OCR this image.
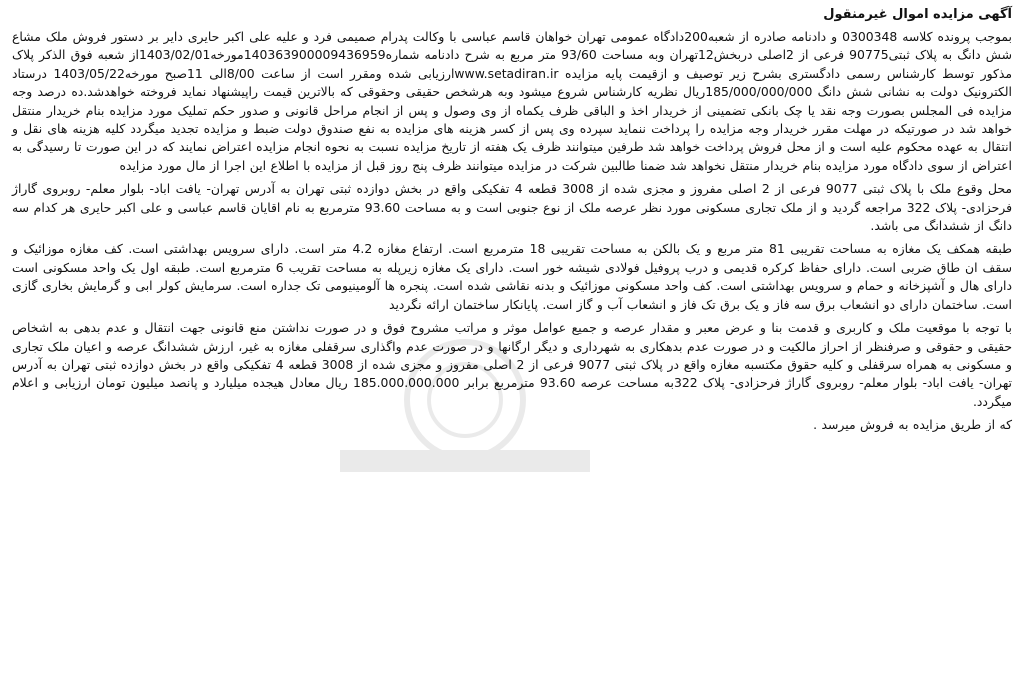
آگهی مزایده اموال غیرمنقول

بموجب پرونده کلاسه 0300348 و دادنامه صادره از شعبه200دادگاه عمومی تهران خواهان قاسم عباسی با وکالت پدرام صمیمی فرد و علیه علی اکبر حایری دایر بر دستور فروش ملک مشاع شش دانگ به پلاک ثبتی90775 فرعی از 2اصلی دربخش12تهران وبه مساحت 93/60 متر مربع به شرح دادنامه شماره140363900009436959مورخه1403/02/01از شعبه فوق الذکر پلاک مذکور توسط کارشناس رسمی دادگستری بشرح زیر توصیف و ازقیمت پایه مزایده www.setadiran.irارزیابی شده ومقرر است از ساعت 8/00الی 11صبح مورخه1403/05/22 درستاد الکترونیک دولت به نشانی شش دانگ 185/000/000/000ریال نظریه کارشناس شروع میشود وبه هرشخص حقیقی وحقوقی که بالاترین قیمت راپیشنهاد نماید فروخته خواهدشد.ده درصد وجه مزایده فی المجلس بصورت وجه نقد یا چک بانکی تضمینی از خریدار اخذ و الباقی ظرف یکماه از وی وصول و پس از انجام مراحل قانونی و صدور حکم تملیک مورد مزایده بنام خریدار منتقل خواهد شد در صورتیکه در مهلت مقرر خریدار وجه مزایده را پرداخت ننماید سپرده وی پس از کسر هزینه های مزایده به نفع صندوق دولت ضبط و مزایده تجدید میگردد کلیه هزینه های نقل و انتقال به عهده محکوم علیه است و از محل فروش پرداخت خواهد شد طرفین میتوانند ظرف یک هفته از تاریخ مزایده نسبت به نحوه انجام مزایده اعتراض نمایند که در این صورت تا رسیدگی به اعتراض از سوی دادگاه مورد مزایده بنام خریدار منتقل نخواهد شد ضمنا طالبین شرکت در مزایده میتوانند ظرف پنج روز قبل از مزایده با اطلاع این اجرا از مال مورد مزایده

محل وقوع ملک با پلاک ثبتی 9077 فرعی از 2 اصلی مفروز و مجزی شده از 3008 قطعه 4 تفکیکی واقع در بخش دوازده ثبتی تهران به آدرس تهران- یافت اباد- بلوار معلم- روبروی گاراژ فرحزادی- پلاک 322 مراجعه گردید و از ملک تجاری مسکونی مورد نظر عرصه ملک از نوع جنوبی است و به مساحت 93.60 مترمربع به نام اقایان قاسم عباسی و علی اکبر حایری هر کدام سه دانگ از ششدانگ می باشد.

طبقه همکف یک مغازه به مساحت تقریبی 81 متر مربع و یک بالکن به مساحت تقریبی 18 مترمربع است. ارتفاع مغازه 4.2 متر است. دارای سرویس بهداشتی است. کف مغازه موزائیک و سقف ان طاق ضربی است. دارای حفاظ کرکره قدیمی و درب پروفیل فولادی شیشه خور است. دارای یک مغازه زیرپله به مساحت تقریب 6 مترمربع است. طبقه اول یک واحد مسکونی است دارای هال و آشپزخانه و حمام و سرویس بهداشتی است. کف واحد مسکونی موزائیک و بدنه نقاشی شده است. پنجره ها آلومینیومی تک جداره است. سرمایش کولر ابی و گرمایش بخاری گازی است. ساختمان دارای دو انشعاب برق سه فاز و یک برق تک فاز و انشعاب آب و گاز است. پایانکار ساختمان ارائه نگردید

با توجه با موقعیت ملک و کاربری و قدمت بنا و عرض معبر و مقدار عرصه و جمیع عوامل موثر و مراتب مشروح فوق و در صورت نداشتن منع قانونی جهت انتقال و عدم بدهی به اشخاص حقیقی و حقوقی و صرفنظر از احراز مالکیت و در صورت عدم بدهکاری به شهرداری و دیگر ارگانها و در صورت عدم واگذاری سرقفلی مغازه به غیر، ارزش ششدانگ عرصه و اعیان ملک تجاری و مسکونی به همراه سرقفلی و کلیه حقوق مکتسبه مغازه واقع در پلاک ثبتی 9077 فرعی از 2 اصلی مفروز و مجزی شده از 3008 قطعه 4 تفکیکی واقع در بخش دوازده ثبتی تهران به آدرس تهران- یافت اباد- بلوار معلم- روبروی گاراژ فرحزادی- پلاک 322به مساحت عرصه 93.60 مترمربع برابر 185.000.000.000 ریال معادل هیجده میلیارد و پانصد میلیون تومان ارزیابی و اعلام میگردد.

که از طریق مزایده به فروش میرسد .
